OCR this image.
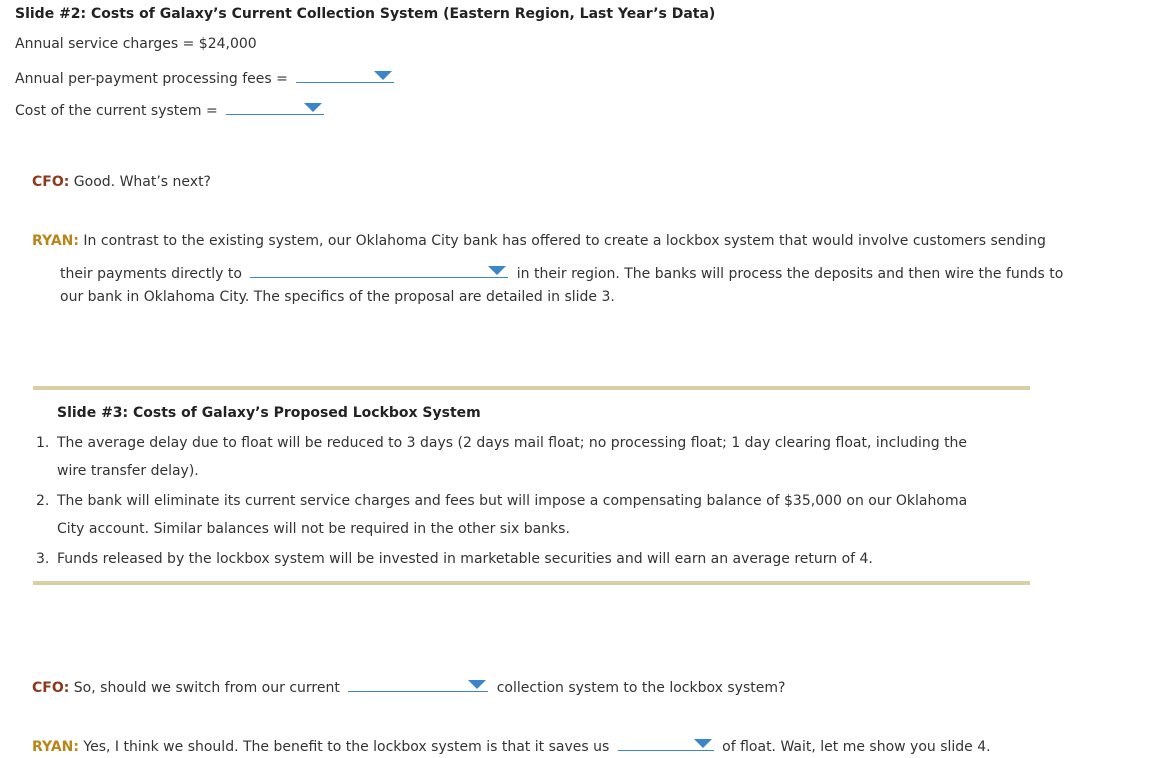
Slide #2: Costs of Galaxy’s Current Collection System (Eastern Region, Last Year’s Data)
Annual service charges = $24,000
Annual per-payment processing fees =
Cost of the current system =
CFO: Good. What’s next?
RYAN: In contrast to the existing system, our Oklahoma City bank has offered to create a lockbox system that would involve customers sending
their payments directly to	in their region. The banks will process the deposits and then wire the funds to
our bank in Oklahoma City. The specifics of the proposal are detailed in slide 3.
Slide #3: Costs of Galaxy’s Proposed Lockbox System
1. The average delay due to float will be reduced to 3 days (2 days mail float; no processing float; 1 day clearing float, including the
wire transfer delay).
2. The bank will eliminate its current service charges and fees but will impose a compensating balance of $35,000 on our Oklahoma
City account. Similar balances will not be required in the other six banks.
3. Funds released by the lockbox system will be invested in marketable securities and will earn an average return of 4.
CFO: So, should we switch from our current	collection system to the lockbox system?
RYAN: Yes, I think we should. The benefit to the lockbox system is that it saves us	of float. Wait, let me show you slide 4.
